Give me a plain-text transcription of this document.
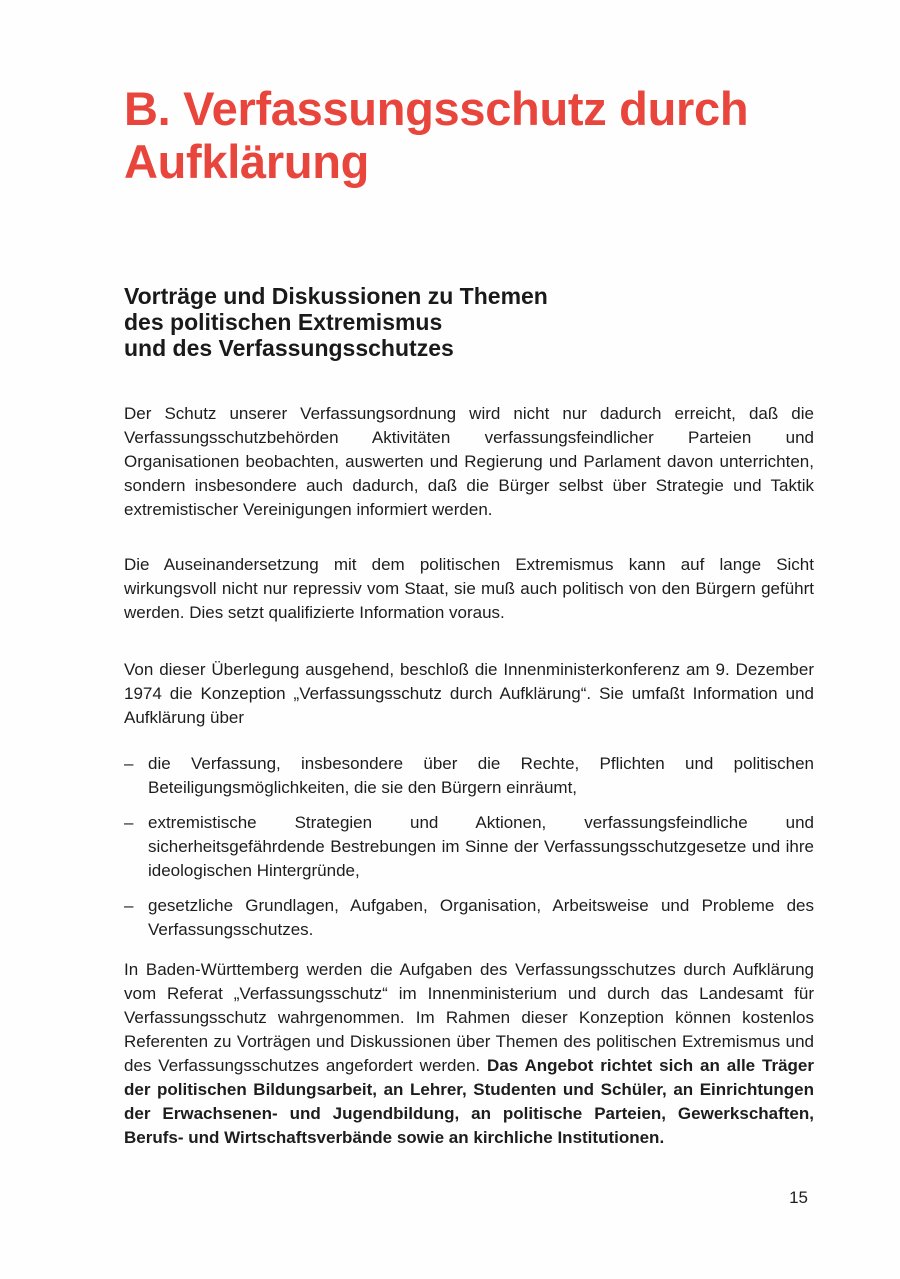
B. Verfassungsschutz durch
Aufklärung
Vorträge und Diskussionen zu Themen
des politischen Extremismus
und des Verfassungsschutzes

Der Schutz unserer Verfassungsordnung wird nicht nur dadurch erreicht, daß die Verfassungsschutzbehörden Aktivitäten verfassungsfeindlicher Parteien und Organisationen beobachten, auswerten und Regierung und Parlament davon unterrichten, sondern insbesondere auch dadurch, daß die Bürger selbst über Strategie und Taktik extremistischer Vereinigungen informiert werden.

Die Auseinandersetzung mit dem politischen Extremismus kann auf lange Sicht wirkungsvoll nicht nur repressiv vom Staat, sie muß auch politisch von den Bürgern geführt werden. Dies setzt qualifizierte Information voraus.

Von dieser Überlegung ausgehend, beschloß die Innenministerkonferenz am 9. Dezember 1974 die Konzeption „Verfassungsschutz durch Aufklärung“. Sie umfaßt Information und Aufklärung über

– die Verfassung, insbesondere über die Rechte, Pflichten und politischen Beteiligungsmöglichkeiten, die sie den Bürgern einräumt,
– extremistische Strategien und Aktionen, verfassungsfeindliche und sicherheitsgefährdende Bestrebungen im Sinne der Verfassungsschutzgesetze und ihre ideologischen Hintergründe,
– gesetzliche Grundlagen, Aufgaben, Organisation, Arbeitsweise und Probleme des Verfassungsschutzes.

In Baden-Württemberg werden die Aufgaben des Verfassungsschutzes durch Aufklärung vom Referat „Verfassungsschutz“ im Innenministerium und durch das Landesamt für Verfassungsschutz wahrgenommen. Im Rahmen dieser Konzeption können kostenlos Referenten zu Vorträgen und Diskussionen über Themen des politischen Extremismus und des Verfassungsschutzes angefordert werden. Das Angebot richtet sich an alle Träger der politischen Bildungsarbeit, an Lehrer, Studenten und Schüler, an Einrichtungen der Erwachsenen- und Jugendbildung, an politische Parteien, Gewerkschaften, Berufs- und Wirtschaftsverbände sowie an kirchliche Institutionen.

15
